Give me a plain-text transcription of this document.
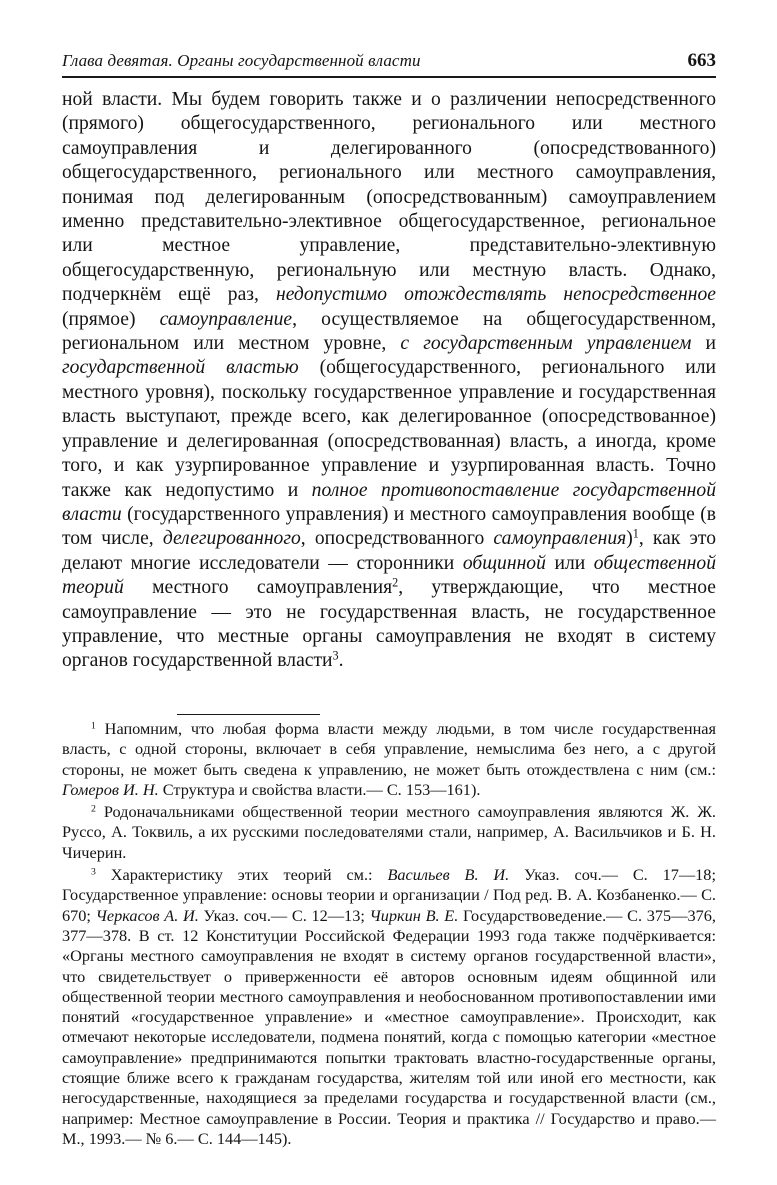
Глава девятая. Органы государственной власти	663

ной власти. Мы будем говорить также и о различении непосредственного (прямого) общегосударственного, регионального или местного самоуправления и делегированного (опосредствованного) общегосударственного, регионального или местного самоуправления, понимая под делегированным (опосредствованным) самоуправлением именно представительно-элективное общегосударственное, региональное или местное управление, представительно-элективную общегосударственную, региональную или местную власть. Однако, подчеркнём ещё раз, недопустимо отождествлять непосредственное (прямое) самоуправление, осуществляемое на общегосударственном, региональном или местном уровне, с государственным управлением и государственной властью (общегосударственного, регионального или местного уровня), поскольку государственное управление и государственная власть выступают, прежде всего, как делегированное (опосредствованное) управление и делегированная (опосредствованная) власть, а иногда, кроме того, и как узурпированное управление и узурпированная власть. Точно также как недопустимо и полное противопоставление государственной власти (государственного управления) и местного самоуправления вообще (в том числе, делегированного, опосредствованного самоуправления)$^1$, как это делают многие исследователи — сторонники общинной или общественной теорий местного самоуправления$^2$, утверждающие, что местное самоуправление — это не государственная власть, не государственное управление, что местные органы самоуправления не входят в систему органов государственной власти$^3$.

$^1$ Напомним, что любая форма власти между людьми, в том числе государственная власть, с одной стороны, включает в себя управление, немыслима без него, а с другой стороны, не может быть сведена к управлению, не может быть отождествлена с ним (см.: Гомеров И. Н. Структура и свойства власти.— С. 153—161).

$^2$ Родоначальниками общественной теории местного самоуправления являются Ж. Ж. Руссо, А. Токвиль, а их русскими последователями стали, например, А. Васильчиков и Б. Н. Чичерин.

$^3$ Характеристику этих теорий см.: Васильев В. И. Указ. соч.— С. 17—18; Государственное управление: основы теории и организации / Под ред. В. А. Козбаненко.— С. 670; Черкасов А. И. Указ. соч.— С. 12—13; Чиркин В. Е. Государствоведение.— С. 375—376, 377—378. В ст. 12 Конституции Российской Федерации 1993 года также подчёркивается: «Органы местного самоуправления не входят в систему органов государственной власти», что свидетельствует о приверженности её авторов основным идеям общинной или общественной теории местного самоуправления и необоснованном противопоставлении ими понятий «государственное управление» и «местное самоуправление». Происходит, как отмечают некоторые исследователи, подмена понятий, когда с помощью категории «местное самоуправление» предпринимаются попытки трактовать властно-государственные органы, стоящие ближе всего к гражданам государства, жителям той или иной его местности, как негосударственные, находящиеся за пределами государства и государственной власти (см., например: Местное самоуправление в России. Теория и практика // Государство и право.— М., 1993.— № 6.— С. 144—145).
